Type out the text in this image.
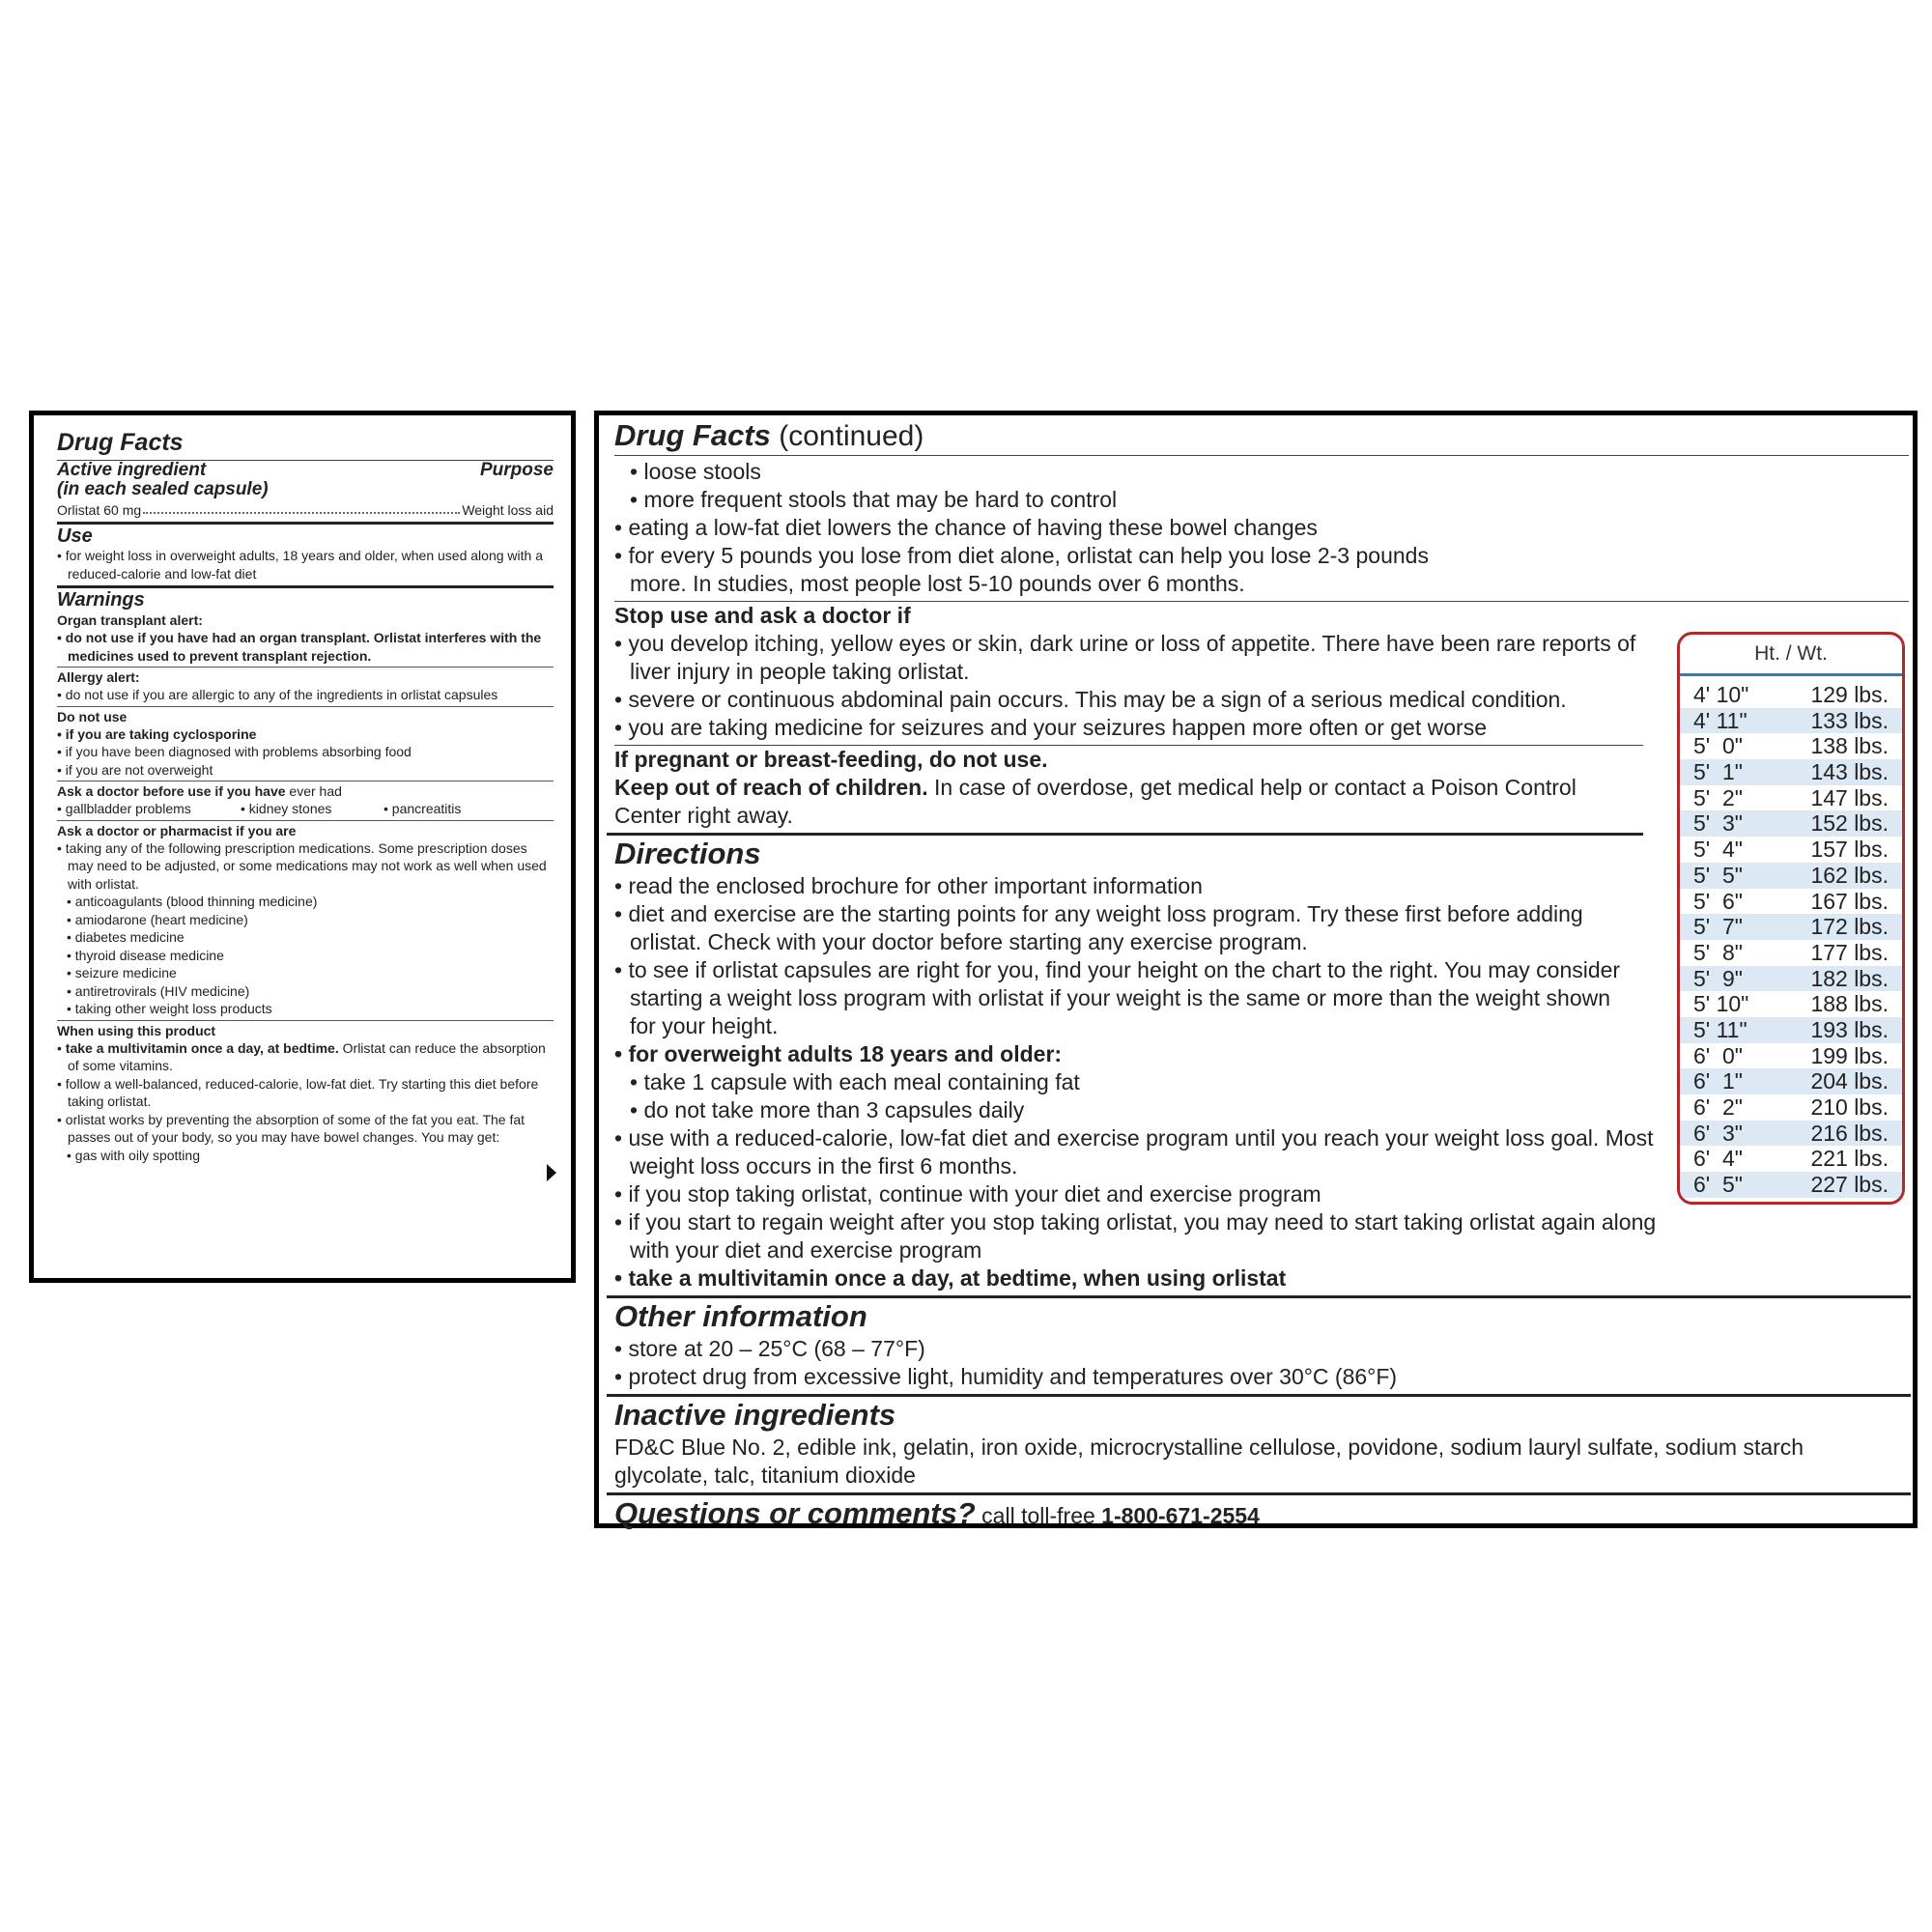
Drug Facts
Active ingredient	Purpose
(in each sealed capsule)
Orlistat 60 mg	Weight loss aid
Use
• for weight loss in overweight adults, 18 years and older, when used along with a reduced-calorie and low-fat diet
Warnings
Organ transplant alert:
• do not use if you have had an organ transplant. Orlistat interferes with the medicines used to prevent transplant rejection.
Allergy alert:
• do not use if you are allergic to any of the ingredients in orlistat capsules
Do not use
• if you are taking cyclosporine
• if you have been diagnosed with problems absorbing food
• if you are not overweight
Ask a doctor before use if you have ever had
• gallbladder problems	• kidney stones	• pancreatitis
Ask a doctor or pharmacist if you are
• taking any of the following prescription medications. Some prescription doses may need to be adjusted, or some medications may not work as well when used with orlistat.
• anticoagulants (blood thinning medicine)
• amiodarone (heart medicine)
• diabetes medicine
• thyroid disease medicine
• seizure medicine
• antiretrovirals (HIV medicine)
• taking other weight loss products
When using this product
• take a multivitamin once a day, at bedtime. Orlistat can reduce the absorption of some vitamins.
• follow a well-balanced, reduced-calorie, low-fat diet. Try starting this diet before taking orlistat.
• orlistat works by preventing the absorption of some of the fat you eat. The fat passes out of your body, so you may have bowel changes. You may get:
• gas with oily spotting
Drug Facts (continued)
• loose stools
• more frequent stools that may be hard to control
• eating a low-fat diet lowers the chance of having these bowel changes
• for every 5 pounds you lose from diet alone, orlistat can help you lose 2-3 pounds more. In studies, most people lost 5-10 pounds over 6 months.
Stop use and ask a doctor if
• you develop itching, yellow eyes or skin, dark urine or loss of appetite. There have been rare reports of liver injury in people taking orlistat.
• severe or continuous abdominal pain occurs. This may be a sign of a serious medical condition.
• you are taking medicine for seizures and your seizures happen more often or get worse
If pregnant or breast-feeding, do not use.
Keep out of reach of children. In case of overdose, get medical help or contact a Poison Control Center right away.
Directions
• read the enclosed brochure for other important information
• diet and exercise are the starting points for any weight loss program. Try these first before adding orlistat. Check with your doctor before starting any exercise program.
• to see if orlistat capsules are right for you, find your height on the chart to the right. You may consider starting a weight loss program with orlistat if your weight is the same or more than the weight shown for your height.
• for overweight adults 18 years and older:
• take 1 capsule with each meal containing fat
• do not take more than 3 capsules daily
• use with a reduced-calorie, low-fat diet and exercise program until you reach your weight loss goal. Most weight loss occurs in the first 6 months.
• if you stop taking orlistat, continue with your diet and exercise program
• if you start to regain weight after you stop taking orlistat, you may need to start taking orlistat again along with your diet and exercise program
• take a multivitamin once a day, at bedtime, when using orlistat
Other information
• store at 20 – 25°C (68 – 77°F)
• protect drug from excessive light, humidity and temperatures over 30°C (86°F)
Inactive ingredients
FD&C Blue No. 2, edible ink, gelatin, iron oxide, microcrystalline cellulose, povidone, sodium lauryl sulfate, sodium starch glycolate, talc, titanium dioxide
Questions or comments? call toll-free 1-800-671-2554
Ht. / Wt.
4' 10"	129 lbs.
4' 11"	133 lbs.
5'  0"	138 lbs.
5'  1"	143 lbs.
5'  2"	147 lbs.
5'  3"	152 lbs.
5'  4"	157 lbs.
5'  5"	162 lbs.
5'  6"	167 lbs.
5'  7"	172 lbs.
5'  8"	177 lbs.
5'  9"	182 lbs.
5' 10"	188 lbs.
5' 11"	193 lbs.
6'  0"	199 lbs.
6'  1"	204 lbs.
6'  2"	210 lbs.
6'  3"	216 lbs.
6'  4"	221 lbs.
6'  5"	227 lbs.
